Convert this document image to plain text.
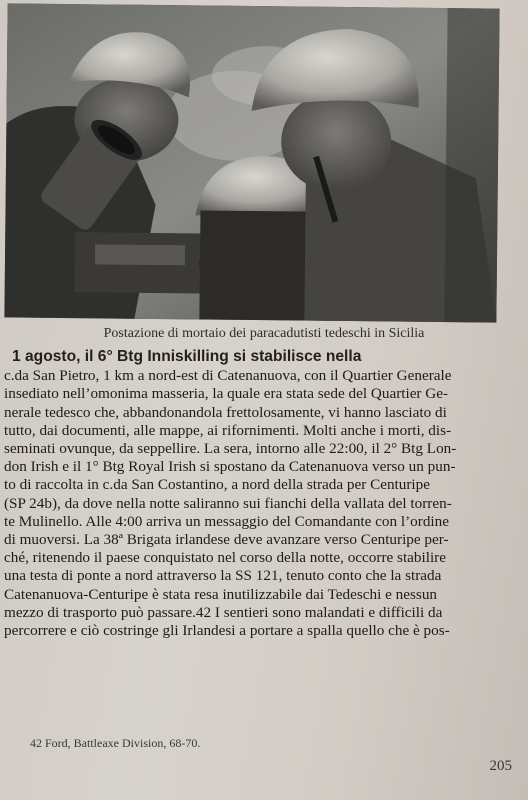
Postazione di mortaio dei paracadutisti tedeschi in Sicilia
1 agosto, il 6° Btg Inniskilling si stabilisce nella
c.da San Pietro, 1 km a nord-est di Catenanuova, con il Quartier Generale
insediato nell’omonima masseria, la quale era stata sede del Quartier Ge-
nerale tedesco che, abbandonandola frettolosamente, vi hanno lasciato di
tutto, dai documenti, alle mappe, ai rifornimenti. Molti anche i morti, dis-
seminati ovunque, da seppellire. La sera, intorno alle 22:00, il 2° Btg Lon-
don Irish e il 1° Btg Royal Irish si spostano da Catenanuova verso un pun-
to di raccolta in c.da San Costantino, a nord della strada per Centuripe
(SP 24b), da dove nella notte saliranno sui fianchi della vallata del torren-
te Mulinello. Alle 4:00 arriva un messaggio del Comandante con l’ordine
di muoversi. La 38ª Brigata irlandese deve avanzare verso Centuripe per-
ché, ritenendo il paese conquistato nel corso della notte, occorre stabilire
una testa di ponte a nord attraverso la SS 121, tenuto conto che la strada
Catenanuova-Centuripe è stata resa inutilizzabile dai Tedeschi e nessun
mezzo di trasporto può passare.42 I sentieri sono malandati e difficili da
percorrere e ciò costringe gli Irlandesi a portare a spalla quello che è pos-
42 Ford, Battleaxe Division, 68-70.
205
